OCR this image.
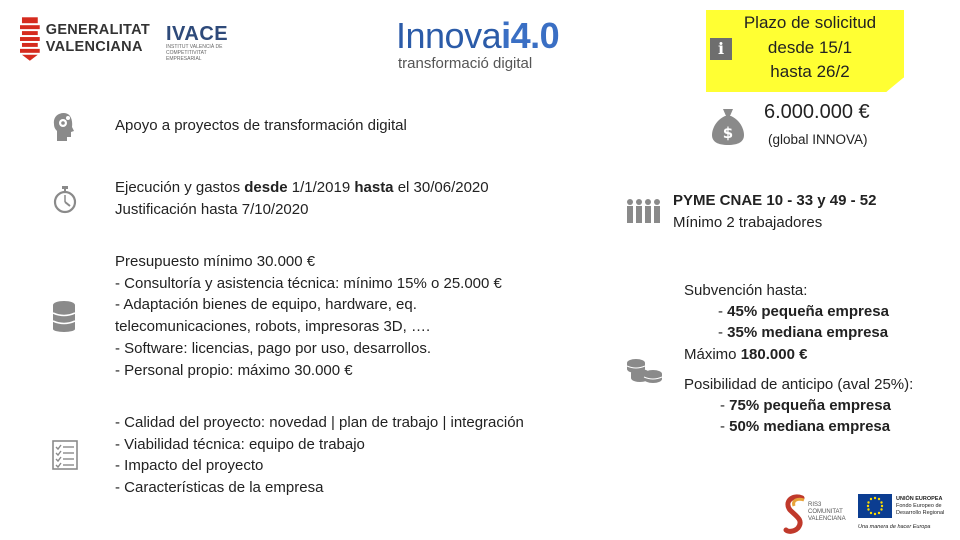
GENERALITAT
VALENCIANA
IVACE
INSTITUT VALENCIÀ DE
COMPETITIVITAT EMPRESARIAL
Innovai4.0
transformació digital
i
Plazo de solicitud
desde 15/1
hasta 26/2
Apoyo a proyectos de transformación digital
Ejecución y gastos desde 1/1/2019 hasta el 30/06/2020
Justificación hasta 7/10/2020
Presupuesto mínimo 30.000 €
- Consultoría y asistencia técnica: mínimo 15% o 25.000 €
- Adaptación bienes de equipo, hardware, eq.
telecomunicaciones, robots, impresoras 3D, ….
- Software: licencias, pago por uso, desarrollos.
- Personal propio: máximo 30.000 €
- Calidad del proyecto: novedad | plan de trabajo | integración
- Viabilidad técnica: equipo de trabajo
- Impacto del proyecto
- Características de la empresa
$
6.000.000 €
(global INNOVA)
PYME CNAE 10 - 33 y 49 - 52
Mínimo 2 trabajadores
Subvención hasta:
- 45% pequeña empresa
- 35% mediana empresa
Máximo 180.000 €
Posibilidad de anticipo (aval 25%):
- 75% pequeña empresa
- 50% mediana empresa
RIS3
COMUNITAT
VALENCIANA
UNIÓN EUROPEA
Fondo Europeo de
Desarrollo Regional
Una manera de hacer Europa
